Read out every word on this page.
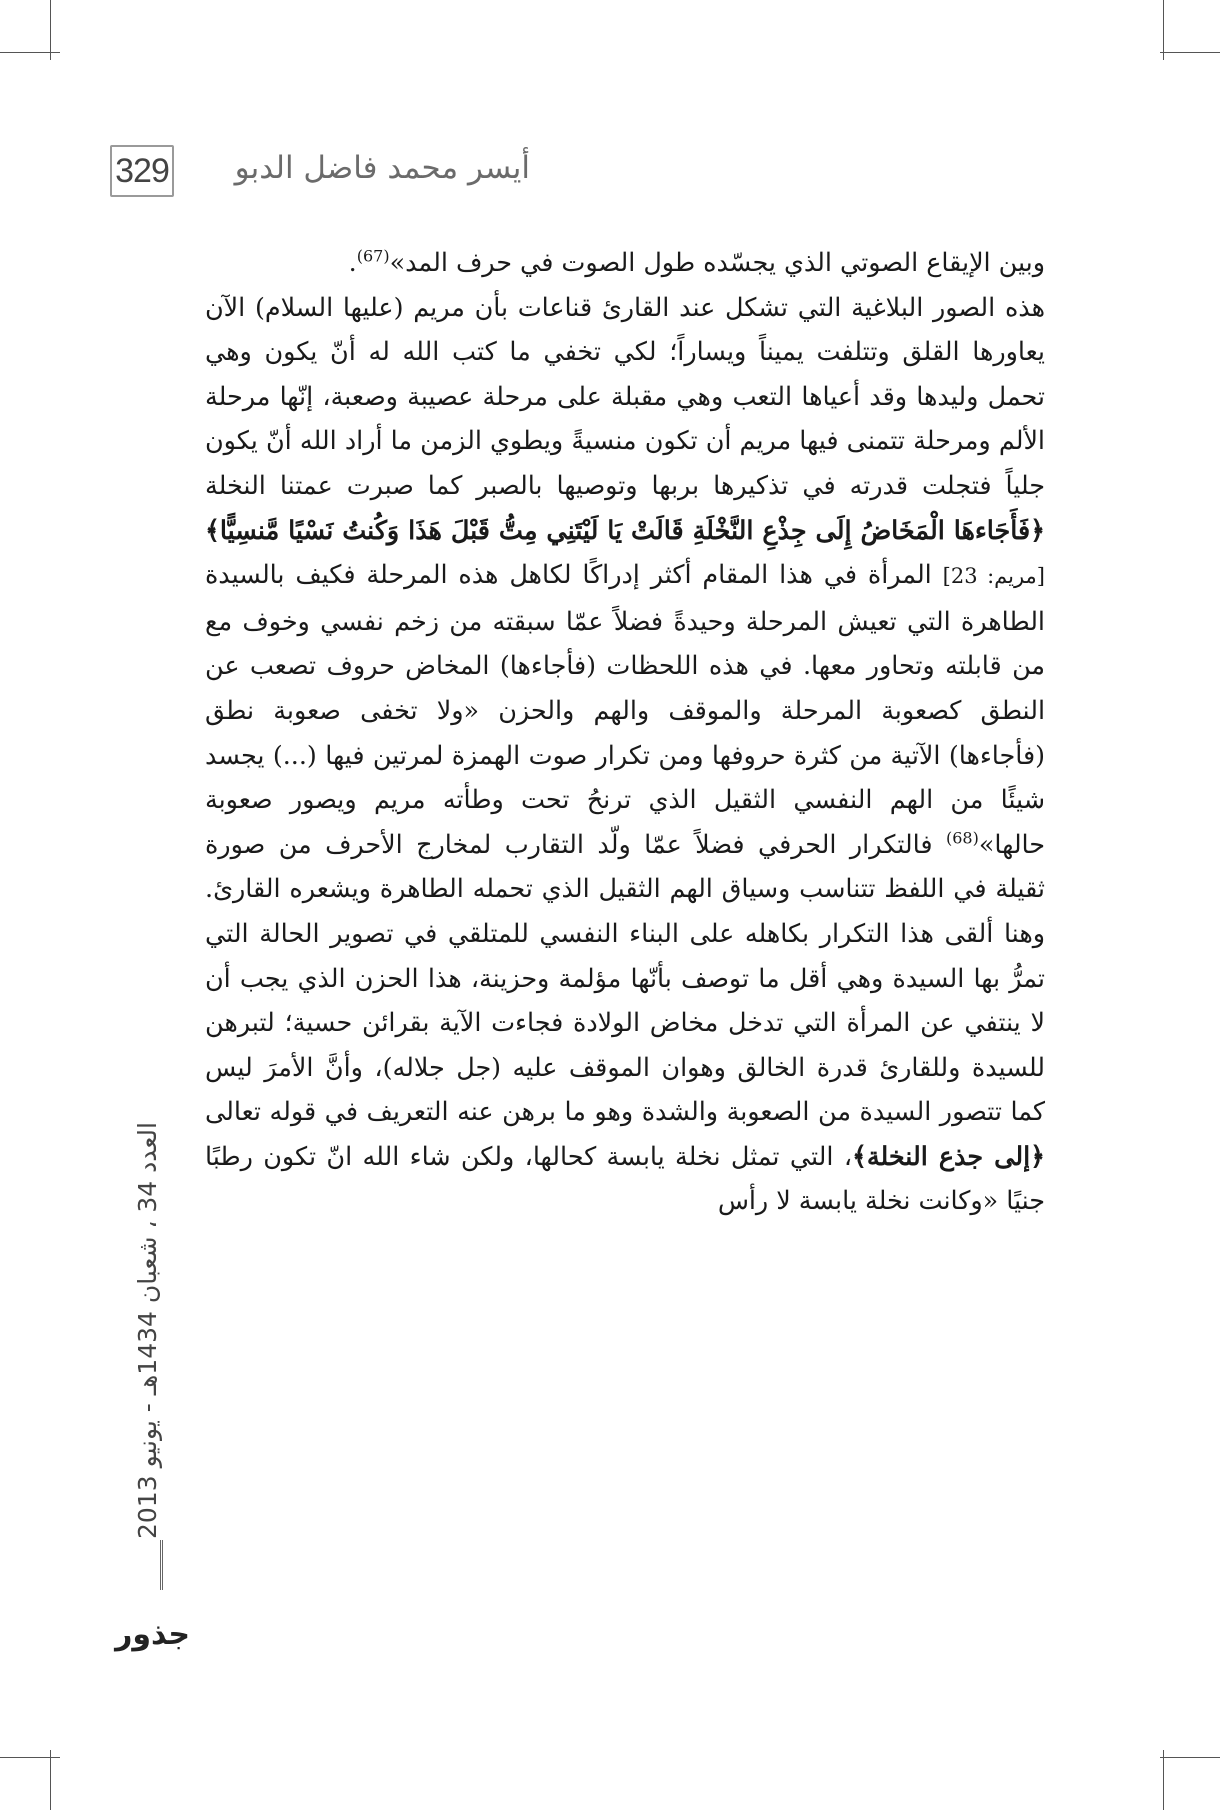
329	أيسر محمد فاضل الدبو

وبين الإيقاع الصوتي الذي يجسّده طول الصوت في حرف المد»$^{(67)}$.

هذه الصور البلاغية التي تشكل عند القارئ قناعات بأن مريم (عليها السلام) الآن يعاورها القلق وتتلفت يميناً ويساراً؛ لكي تخفي ما كتب الله له أنّ يكون وهي تحمل وليدها وقد أعياها التعب وهي مقبلة على مرحلة عصيبة وصعبة، إنّها مرحلة الألم ومرحلة تتمنى فيها مريم أن تكون منسيةً ويطوي الزمن ما أراد الله أنّ يكون جلياً فتجلت قدرته في تذكيرها بربها وتوصيها بالصبر كما صبرت عمتنا النخلة ﴿فَأَجَاءهَا الْمَخَاضُ إِلَى جِذْعِ النَّخْلَةِ قَالَتْ يَا لَيْتَنِي مِتُّ قَبْلَ هَذَا وَكُنتُ نَسْيًا مَّنسِيًّا﴾ [مريم: 23] المرأة في هذا المقام أكثر إدراكًا لكاهل هذه المرحلة فكيف بالسيدة الطاهرة التي تعيش المرحلة وحيدةً فضلاً عمّا سبقته من زخم نفسي وخوف مع من قابلته وتحاور معها. في هذه اللحظات (فأجاءها) المخاض حروف تصعب عن النطق كصعوبة المرحلة والموقف والهم والحزن «ولا تخفى صعوبة نطق (فأجاءها) الآتية من كثرة حروفها ومن تكرار صوت الهمزة لمرتين فيها (...) يجسد شيئًا من الهم النفسي الثقيل الذي ترنحُ تحت وطأته مريم ويصور صعوبة حالها»$^{(68)}$ فالتكرار الحرفي فضلاً عمّا ولّد التقارب لمخارج الأحرف من صورة ثقيلة في اللفظ تتناسب وسياق الهم الثقيل الذي تحمله الطاهرة ويشعره القارئ. وهنا ألقى هذا التكرار بكاهله على البناء النفسي للمتلقي في تصوير الحالة التي تمرُّ بها السيدة وهي أقل ما توصف بأنّها مؤلمة وحزينة، هذا الحزن الذي يجب أن لا ينتفي عن المرأة التي تدخل مخاض الولادة فجاءت الآية بقرائن حسية؛ لتبرهن للسيدة وللقارئ قدرة الخالق وهوان الموقف عليه (جل جلاله)، وأنَّ الأمرَ ليس كما تتصور السيدة من الصعوبة والشدة وهو ما برهن عنه التعريف في قوله تعالى ﴿إلى جذع النخلة﴾، التي تمثل نخلة يابسة كحالها، ولكن شاء الله انّ تكون رطبًا جنيًا «وكانت نخلة يابسة لا رأس

العدد 34 ، شعبان 1434هـ - يونيو 2013
جذور
